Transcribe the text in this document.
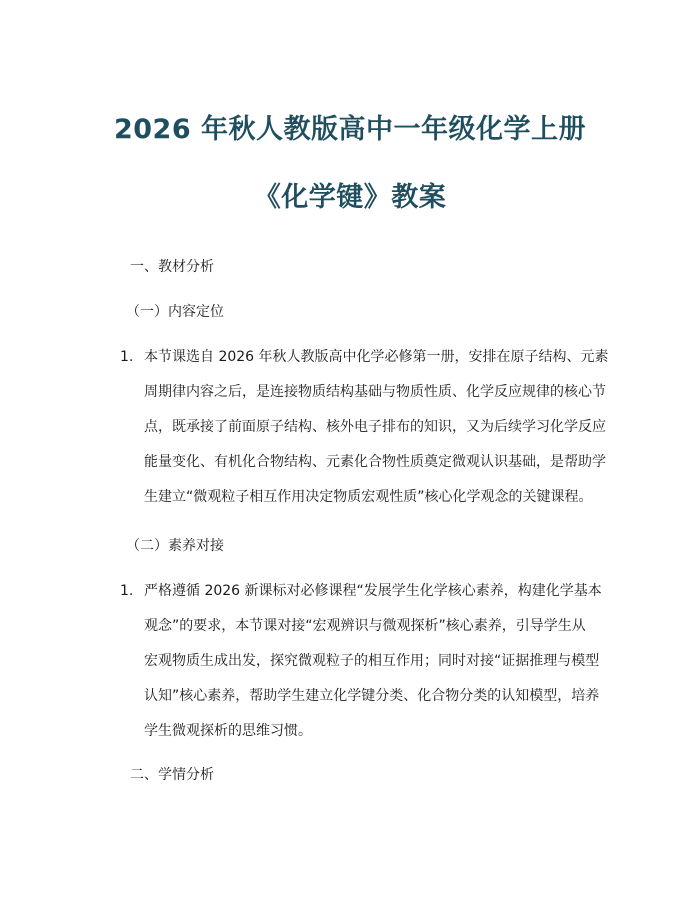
2026 年秋人教版高中一年级化学上册
《化学键》教案
一、教材分析
（一）内容定位
1. 本节课选自 2026 年秋人教版高中化学必修第一册，安排在原子结构、元素
周期律内容之后，是连接物质结构基础与物质性质、化学反应规律的核心节
点，既承接了前面原子结构、核外电子排布的知识，又为后续学习化学反应
能量变化、有机化合物结构、元素化合物性质奠定微观认识基础，是帮助学
生建立“微观粒子相互作用决定物质宏观性质”核心化学观念的关键课程。
（二）素养对接
1. 严格遵循 2026 新课标对必修课程“发展学生化学核心素养，构建化学基本
观念”的要求，本节课对接“宏观辨识与微观探析”核心素养，引导学生从
宏观物质生成出发，探究微观粒子的相互作用；同时对接“证据推理与模型
认知”核心素养，帮助学生建立化学键分类、化合物分类的认知模型，培养
学生微观探析的思维习惯。
二、学情分析
